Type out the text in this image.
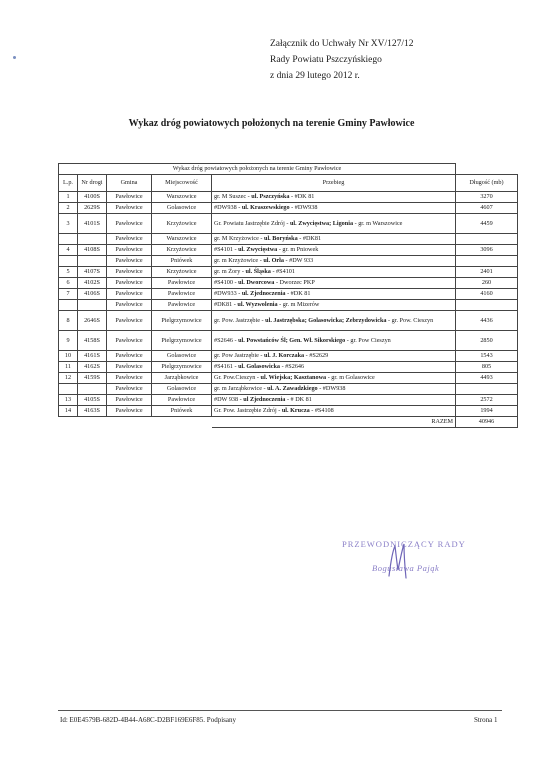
Załącznik do Uchwały Nr XV/127/12
Rady Powiatu Pszczyńskiego
z dnia 29 lutego 2012 r.
Wykaz dróg powiatowych położonych na terenie Gminy Pawłowice
Wykaz dróg powiatowych położonych na terenie Gminy Pawłowice					
L.p.	Nr drogi	Gmina	Miejscowość	Przebieg	Długość (mb)
1	4100S	Pawłowice	Warszowice	gr. M Suszec - ul. Pszczyńska - #DK 81	3270
2	2629S	Pawłowice	Golasowice	#DW938 - ul. Kraszewskiego - #DW938	4607
3	4101S	Pawłowice	Krzyżowice	Gr. Powiatu Jastrzębie Zdrój - ul. Zwycięstwa; Ligonia - gr. m Warszowice	4459
		Pawłowice	Warszowice	gr. M Krzyżowice - ul. Boryńska - #DK81	
4	4108S	Pawłowice	Krzyżowice	#S4101 - ul. Zwycięstwa - gr. m Pniowek	3096
		Pawłowice	Pniówek	gr. m Krzyżowice - ul. Orła - #DW 933	
5	4107S	Pawłowice	Krzyżowice	gr. m Żory - ul. Śląska - #S4101	2401
6	4102S	Pawłowice	Pawłowice	#S4100 - ul. Dworcowa - Dworzec PKP	260
7	4106S	Pawłowice	Pawłowice	#DW933 - ul. Zjednoczenia - #DK 81	4160
		Pawłowice	Pawłowice	#DK81 - ul. Wyzwolenia - gr. m Mizerów	
8	2646S	Pawłowice	Pielgrzymowice	gr. Pow. Jastrzębie - ul. Jastrzębska; Golasowicka; Zebrzydowicka - gr. Pow. Cieszyn	4436
9	4158S	Pawłowice	Pielgrzymowice	#S2646 - ul. Powstańców Śl; Gen. Wł. Sikorskiego - gr. Pow Cieszyn	2850
10	4161S	Pawłowice	Golasowice	gr. Pow Jastrzębie - ul. J. Korczaka - #S2629	1543
11	4162S	Pawłowice	Pielgrzymowice	#S4161 - ul. Golasowicka - #S2646	805
12	4159S	Pawłowice	Jarząbkowice	Gr. Pow.Cieszyn - ul. Wiejska; Kasztanowa - gr. m Golasowice	4493
		Pawłowice	Golasowice	gr. m Jarząbkowice - ul. A. Zawadzkiego - #DW938	
13	4105S	Pawłowice	Pawłowice	#DW 938 - ul Zjednoczenia - # DK 81	2572
14	4163S	Pawłowice	Pniówek	Gr. Pow. Jastrzębie Zdrój - ul. Krucza - #S4108	1994
				RAZEM	40946
PRZEWODNICZĄCY RADY
Bogusława Pająk
Id: E0E4579B-682D-4B44-A68C-D2BF169E6F85. Podpisany	Strona 1
